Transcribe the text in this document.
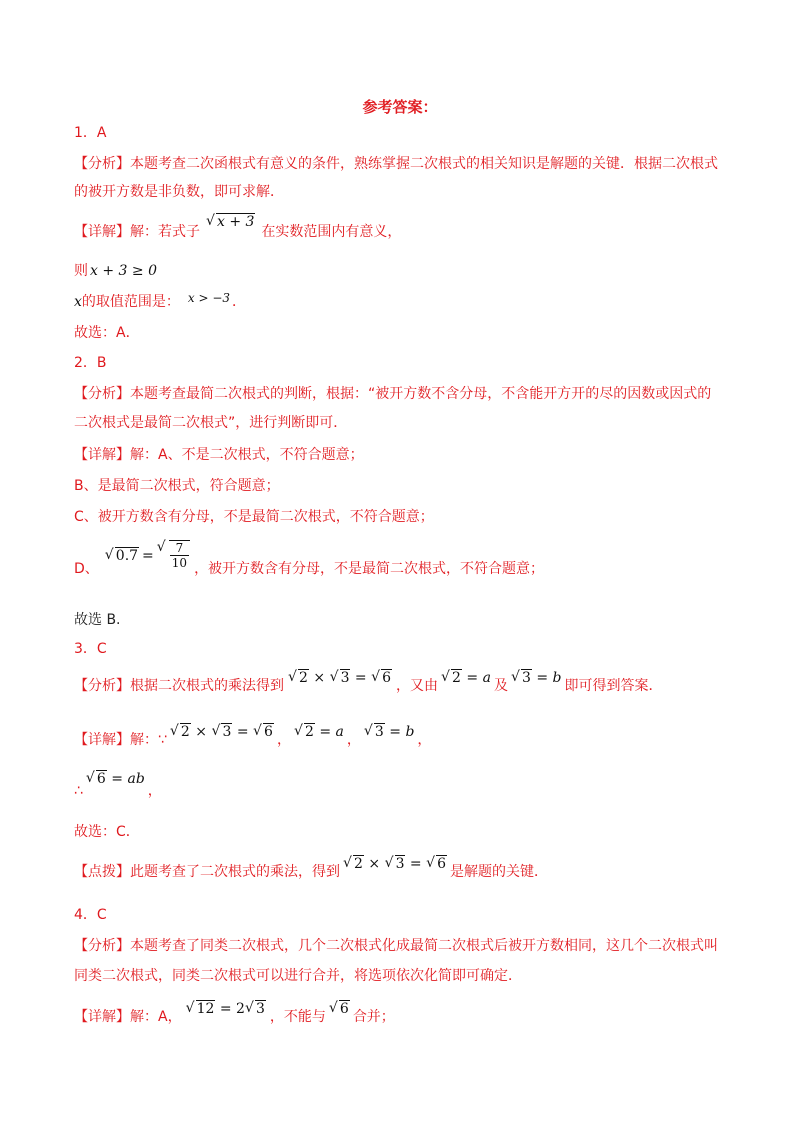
参考答案：
1．A
【分析】本题考查二次函根式有意义的条件，熟练掌握二次根式的相关知识是解题的关键．根据二次根式
的被开方数是非负数，即可求解．
【详解】解：若式子√ x + 3在实数范围内有意义，
则 x + 3 ≥ 0
x的取值范围是： x > −3 ．
故选：A．
2．B
【分析】本题考查最简二次根式的判断，根据：“被开方数不含分母，不含能开方开的尽的因数或因式的
二次根式是最简二次根式”，进行判断即可．
【详解】解：A、不是二次根式，不符合题意；
B、是最简二次根式，符合题意；
C、被开方数含有分母，不是最简二次根式，不符合题意；
D、√ 0.7 = √ $\frac{7}{10}$ ，被开方数含有分母，不是最简二次根式，不符合题意；
故选 B.
3．C
【分析】根据二次根式的乘法得到 √ 2 × √ 3 = √ 6 ，又由 √ 2 = a 及 √ 3 = b 即可得到答案．
【详解】解：∵ √ 2 × √ 3 = √ 6 ， √ 2 = a ， √ 3 = b ，
∴√ 6 = ab，
故选：C．
【点拨】此题考查了二次根式的乘法，得到 √ 2 × √ 3 = √ 6 是解题的关键．
4．C
【分析】本题考查了同类二次根式，几个二次根式化成最简二次根式后被开方数相同，这几个二次根式叫
同类二次根式，同类二次根式可以进行合并，将选项依次化简即可确定．
【详解】解：A， √ 12 = 2 √ 3 ，不能与 √ 6 合并；
